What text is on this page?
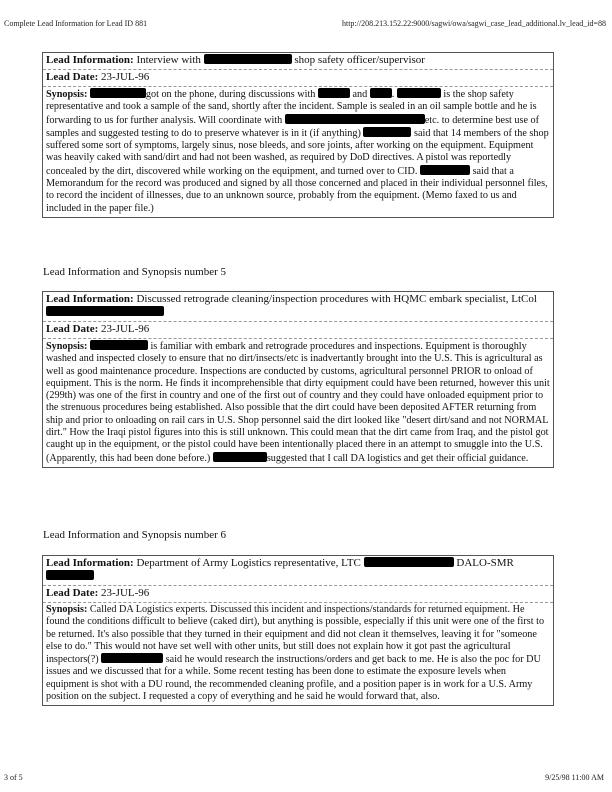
Complete Lead Information for Lead ID 881	http://208.213.152.22:9000/sagwi/owa/sagwi_case_lead_additional.lv_lead_id=88
Lead Information: Interview with	shop safety officer/supervisor
Lead Date: 23-JUL-96
Synopsis:	got on the phone, during discussions with	and .	is the shop safety representative and took a sample of the sand, shortly after the incident. Sample is sealed in an oil sample bottle and he is forwarding to us for further analysis. Will coordinate with	etc. to determine best use of samples and suggested testing to do to preserve whatever is in it (if anything)	said that 14 members of the shop suffered some sort of symptoms, largely sinus, nose bleeds, and sore joints, after working on the equipment. Equipment was heavily caked with sand/dirt and had not been washed, as required by DoD directives. A pistol was reportedly concealed by the dirt, discovered while working on the equipment, and turned over to CID.	said that a Memorandum for the record was produced and signed by all those concerned and placed in their individual personnel files, to record the incident of illnesses, due to an unknown source, probably from the equipment. (Memo faxed to us and included in the paper file.)
Lead Information and Synopsis number 5
Lead Information: Discussed retrograde cleaning/inspection procedures with HQMC embark specialist, LtCol
Lead Date: 23-JUL-96
Synopsis:	is familiar with embark and retrograde procedures and inspections. Equipment is thoroughly washed and inspected closely to ensure that no dirt/insects/etc is inadvertantly brought into the U.S. This is agricultural as well as good maintenance procedure. Inspections are conducted by customs, agricultural personnel PRIOR to onload of equipment. This is the norm. He finds it incomprehensible that dirty equipment could have been returned, however this unit (299th) was one of the first in country and one of the first out of country and they could have onloaded equipment prior to the strenuous procedures being established. Also possible that the dirt could have been deposited AFTER returning from ship and prior to onloading on rail cars in U.S. Shop personnel said the dirt looked like "desert dirt/sand and not NORMAL dirt." How the Iraqi pistol figures into this is still unknown. This could mean that the dirt came from Iraq, and the pistol got caught up in the equipment, or the pistol could have been intentionally placed there in an attempt to smuggle into the U.S. (Apparently, this had been done before.)	suggested that I call DA logistics and get their official guidance.
Lead Information and Synopsis number 6
Lead Information: Department of Army Logistics representative, LTC	DALO-SMR

Lead Date: 23-JUL-96
Synopsis: Called DA Logistics experts. Discussed this incident and inspections/standards for returned equipment. He found the conditions difficult to believe (caked dirt), but anything is possible, especially if this unit were one of the first to be returned. It's also possible that they turned in their equipment and did not clean it themselves, leaving it for "someone else to do." This would not have set well with other units, but still does not explain how it got past the agricultural inspectors(?)	said he would research the instructions/orders and get back to me. He is also the poc for DU issues and we discussed that for a while. Some recent testing has been done to estimate the exposure levels when equipment is shot with a DU round, the recommended cleaning profile, and a position paper is in work for a U.S. Army position on the subject. I requested a copy of everything and he said he would forward that, also.
3 of 5	9/25/98 11:00 AM
